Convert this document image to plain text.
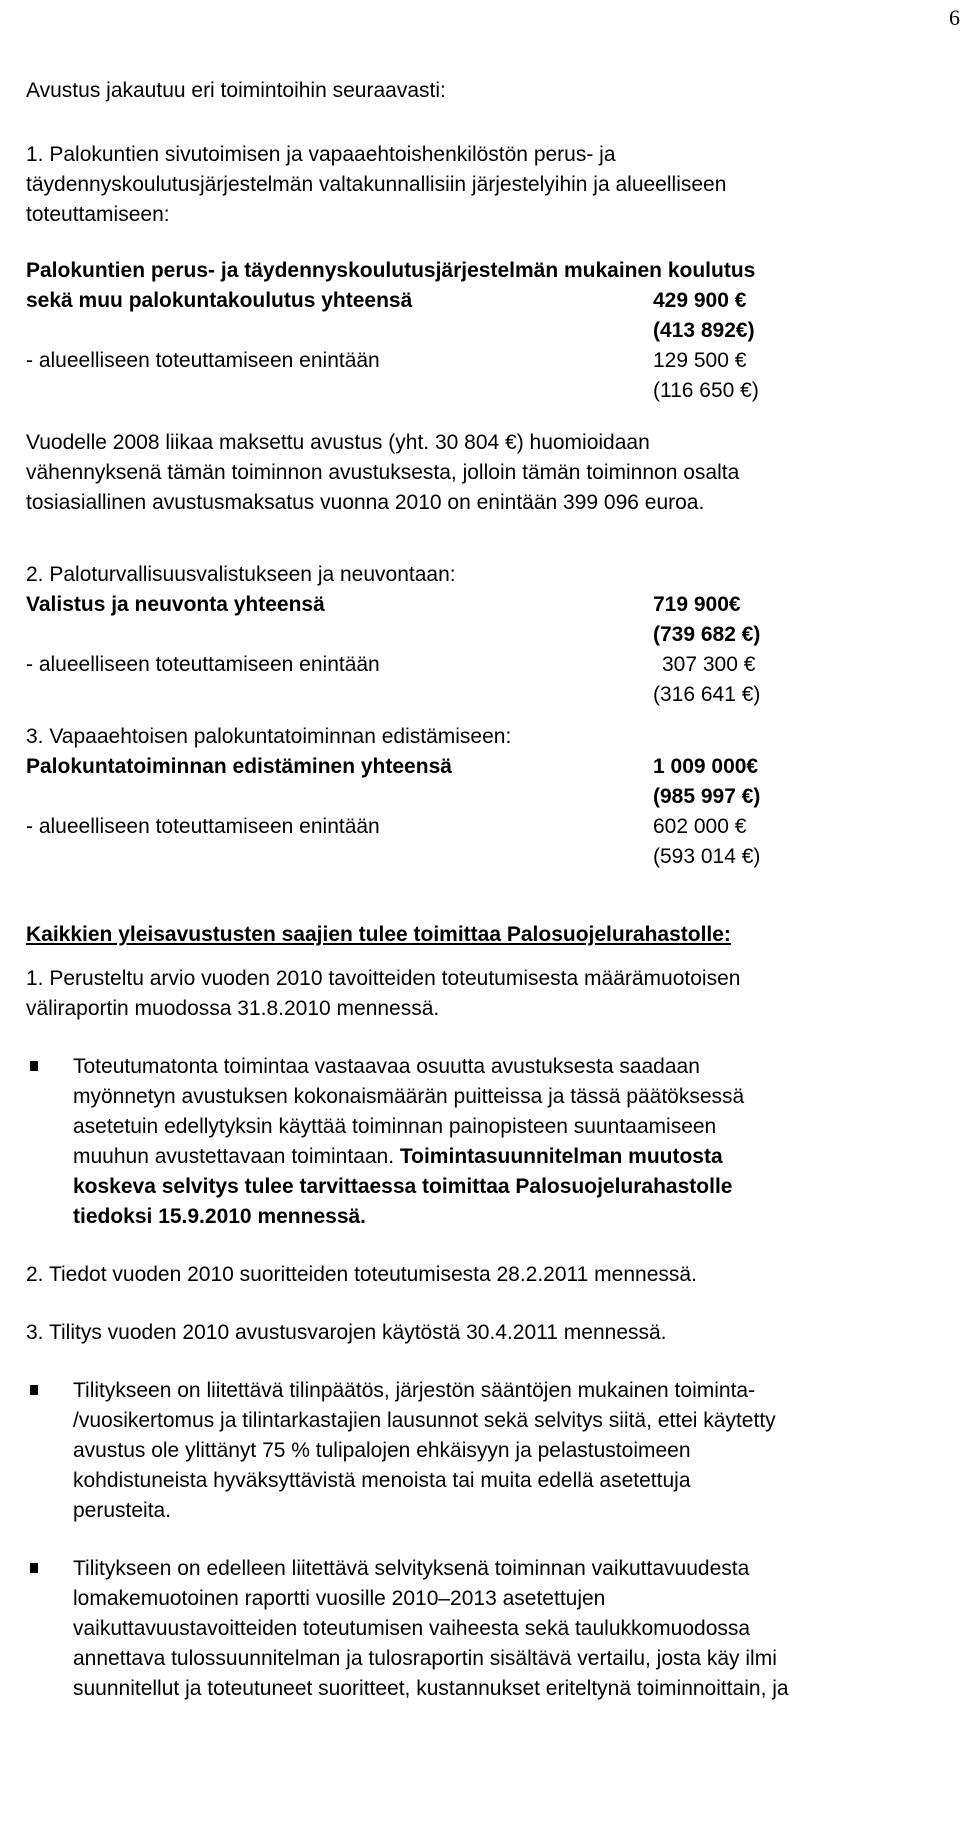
6

Avustus jakautuu eri toimintoihin seuraavasti:

1. Palokuntien sivutoimisen ja vapaaehtoishenkilöstön perus- ja

täydennyskoulutusjärjestelmän valtakunnallisiin järjestelyihin ja alueelliseen

toteuttamiseen:

Palokuntien perus- ja täydennyskoulutusjärjestelmän mukainen koulutus

sekä muu palokuntakoulutus yhteensä	429 900 €
(413 892€)
- alueelliseen toteuttamiseen enintään	129 500 €
(116 650 €)

Vuodelle 2008 liikaa maksettu avustus (yht. 30 804 €) huomioidaan

vähennyksenä tämän toiminnon avustuksesta, jolloin tämän toiminnon osalta

tosiasiallinen avustusmaksatus vuonna 2010 on enintään 399 096 euroa.

2. Paloturvallisuusvalistukseen ja neuvontaan:

Valistus ja neuvonta yhteensä	719 900€
(739 682 €)
- alueelliseen toteuttamiseen enintään	307 300 €
(316 641 €)

3. Vapaaehtoisen palokuntatoiminnan edistämiseen:

Palokuntatoiminnan edistäminen yhteensä	1 009 000€
(985 997 €)
- alueelliseen toteuttamiseen enintään	602 000 €
(593 014 €)

Kaikkien yleisavustusten saajien tulee toimittaa Palosuojelurahastolle:

1. Perusteltu arvio vuoden 2010 tavoitteiden toteutumisesta määrämuotoisen

väliraportin muodossa 31.8.2010 mennessä.

Toteutumatonta toimintaa vastaavaa osuutta avustuksesta saadaan

myönnetyn avustuksen kokonaismäärän puitteissa ja tässä päätöksessä

asetetuin edellytyksin käyttää toiminnan painopisteen suuntaamiseen

muuhun avustettavaan toimintaan. Toimintasuunnitelman muutosta

koskeva selvitys tulee tarvittaessa toimittaa Palosuojelurahastolle

tiedoksi 15.9.2010 mennessä.

2. Tiedot vuoden 2010 suoritteiden toteutumisesta 28.2.2011 mennessä.

3. Tilitys vuoden 2010 avustusvarojen käytöstä 30.4.2011 mennessä.

Tilitykseen on liitettävä tilinpäätös, järjestön sääntöjen mukainen toiminta-

/vuosikertomus ja tilintarkastajien lausunnot sekä selvitys siitä, ettei käytetty

avustus ole ylittänyt 75 % tulipalojen ehkäisyyn ja pelastustoimeen

kohdistuneista hyväksyttävistä menoista tai muita edellä asetettuja

perusteita.

Tilitykseen on edelleen liitettävä selvityksenä toiminnan vaikuttavuudesta

lomakemuotoinen raportti vuosille 2010–2013 asetettujen

vaikuttavuustavoitteiden toteutumisen vaiheesta sekä taulukkomuodossa

annettava tulossuunnitelman ja tulosraportin sisältävä vertailu, josta käy ilmi

suunnitellut ja toteutuneet suoritteet, kustannukset eriteltynä toiminnoittain, ja
